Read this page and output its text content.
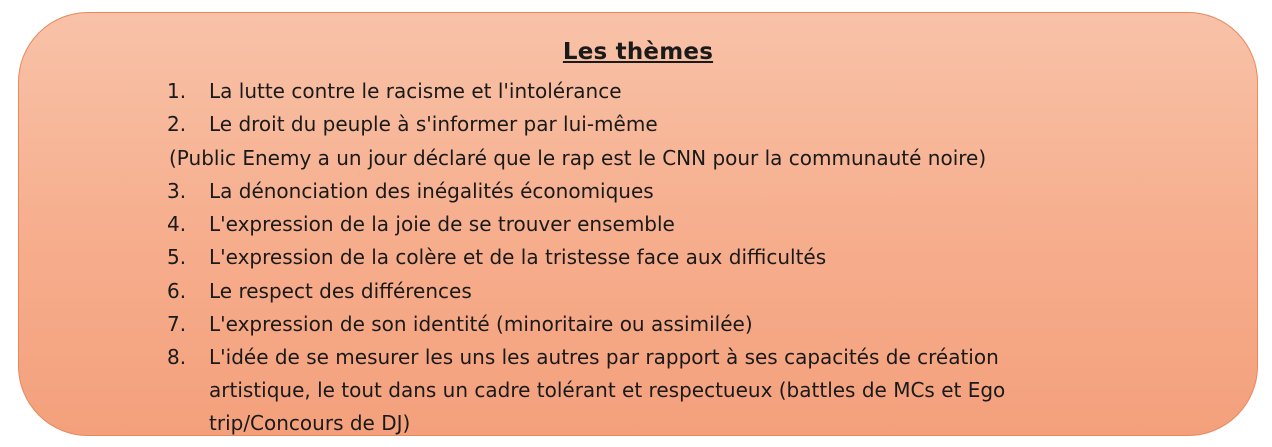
Les thèmes
1.	La lutte contre le racisme et l'intolérance
2.	Le droit du peuple à s'informer par lui-même
(Public Enemy a un jour déclaré que le rap est le CNN pour la communauté noire)
3.	La dénonciation des inégalités économiques
4.	L'expression de la joie de se trouver ensemble
5.	L'expression de la colère et de la tristesse face aux difficultés
6.	Le respect des différences
7.	L'expression de son identité (minoritaire ou assimilée)
8.	L'idée de se mesurer les uns les autres par rapport à ses capacités de création
artistique, le tout dans un cadre tolérant et respectueux (battles de MCs et Ego
trip/Concours de DJ)
